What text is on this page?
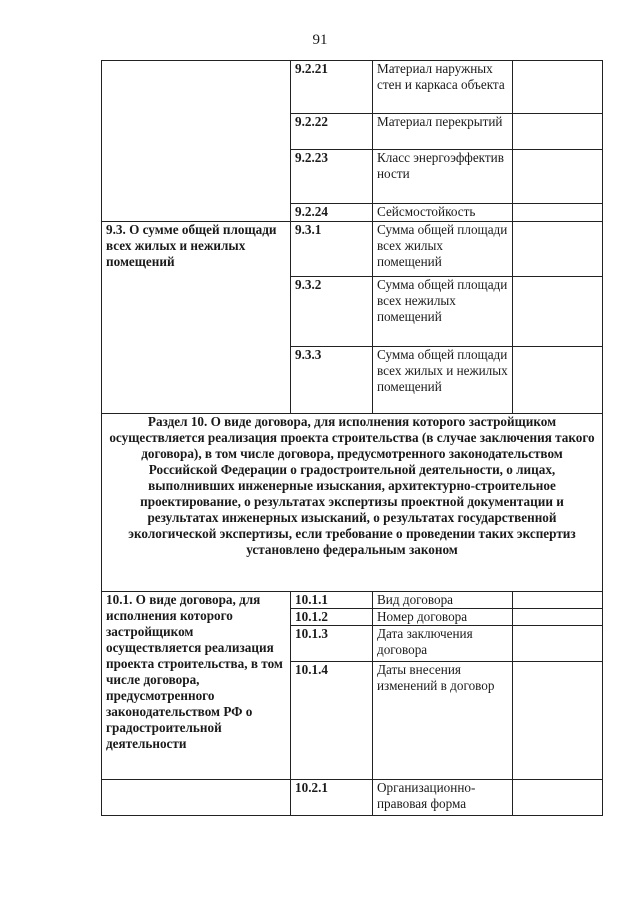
91
	9.2.21	Материал наружных стен и каркаса объекта	
	9.2.22	Материал перекрытий	
	9.2.23	Класс энергоэффектив ности	
	9.2.24	Сейсмостойкость	
9.3. О сумме общей площади всех жилых и нежилых помещений	9.3.1	Сумма общей площади всех жилых помещений	
	9.3.2	Сумма общей площади всех нежилых помещений	
	9.3.3	Сумма общей площади всех жилых и нежилых помещений	
Раздел 10. О виде договора, для исполнения которого застройщиком осуществляется реализация проекта строительства (в случае заключения такого договора), в том числе договора, предусмотренного законодательством Российской Федерации о градостроительной деятельности, о лицах, выполнивших инженерные изыскания, архитектурно-строительное проектирование, о результатах экспертизы проектной документации и результатах инженерных изысканий, о результатах государственной экологической экспертизы, если требование о проведении таких экспертиз установлено федеральным законом			
10.1. О виде договора, для исполнения которого застройщиком осуществляется реализация проекта строительства, в том числе договора, предусмотренного законодательством РФ о градостроительной деятельности	10.1.1	Вид договора	
	10.1.2	Номер договора	
	10.1.3	Дата заключения договора	
	10.1.4	Даты внесения изменений в договор	
	10.2.1	Организационно-правовая форма	
